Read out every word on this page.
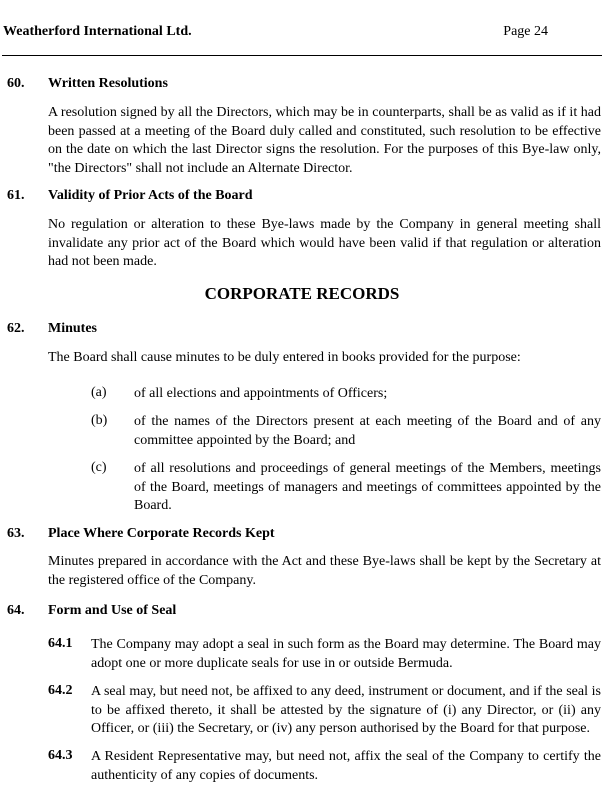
Weatherford International Ltd.	Page 24
60. Written Resolutions
A resolution signed by all the Directors, which may be in counterparts, shall be as valid as if it had been passed at a meeting of the Board duly called and constituted, such resolution to be effective on the date on which the last Director signs the resolution. For the purposes of this Bye-law only, "the Directors" shall not include an Alternate Director.
61. Validity of Prior Acts of the Board
No regulation or alteration to these Bye-laws made by the Company in general meeting shall invalidate any prior act of the Board which would have been valid if that regulation or alteration had not been made.
CORPORATE RECORDS
62. Minutes
The Board shall cause minutes to be duly entered in books provided for the purpose:
(a) of all elections and appointments of Officers;
(b) of the names of the Directors present at each meeting of the Board and of any committee appointed by the Board; and
(c) of all resolutions and proceedings of general meetings of the Members, meetings of the Board, meetings of managers and meetings of committees appointed by the Board.
63. Place Where Corporate Records Kept
Minutes prepared in accordance with the Act and these Bye-laws shall be kept by the Secretary at the registered office of the Company.
64. Form and Use of Seal
64.1 The Company may adopt a seal in such form as the Board may determine. The Board may adopt one or more duplicate seals for use in or outside Bermuda.
64.2 A seal may, but need not, be affixed to any deed, instrument or document, and if the seal is to be affixed thereto, it shall be attested by the signature of (i) any Director, or (ii) any Officer, or (iii) the Secretary, or (iv) any person authorised by the Board for that purpose.
64.3 A Resident Representative may, but need not, affix the seal of the Company to certify the authenticity of any copies of documents.
